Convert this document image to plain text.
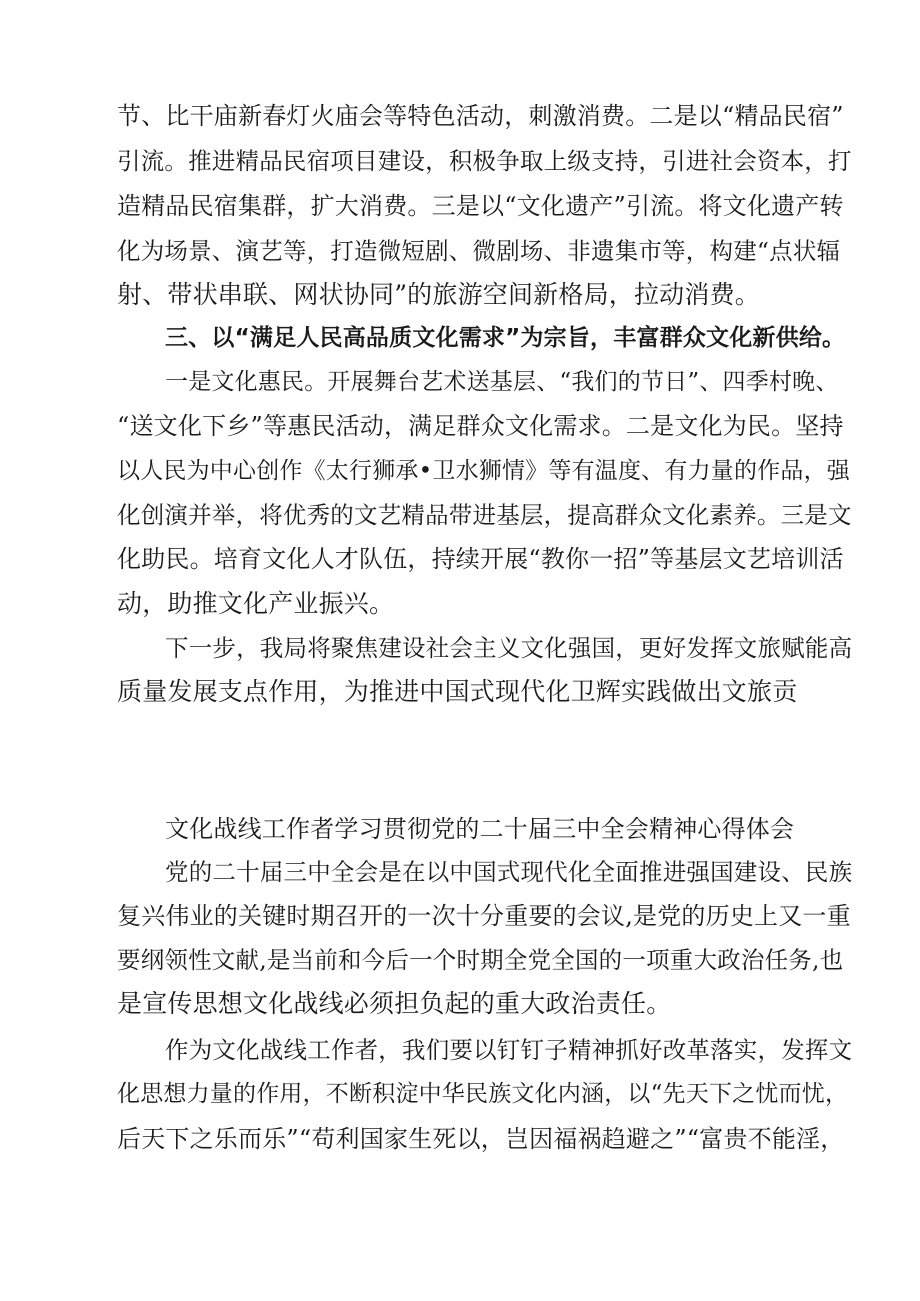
节、比干庙新春灯火庙会等特色活动，刺激消费。二是以“精品民宿”
引流。推进精品民宿项目建设，积极争取上级支持，引进社会资本，打
造精品民宿集群，扩大消费。三是以“文化遗产”引流。将文化遗产转
化为场景、演艺等，打造微短剧、微剧场、非遗集市等，构建“点状辐
射、带状串联、网状协同”的旅游空间新格局，拉动消费。
三、以“满足人民高品质文化需求”为宗旨，丰富群众文化新供给。
一是文化惠民。开展舞台艺术送基层、“我们的节日”、四季村晚、
“送文化下乡”等惠民活动，满足群众文化需求。二是文化为民。坚持
以人民为中心创作《太行狮承•卫水狮情》等有温度、有力量的作品，强
化创演并举，将优秀的文艺精品带进基层，提高群众文化素养。三是文
化助民。培育文化人才队伍，持续开展“教你一招”等基层文艺培训活
动，助推文化产业振兴。
下一步，我局将聚焦建设社会主义文化强国，更好发挥文旅赋能高
质量发展支点作用，为推进中国式现代化卫辉实践做出文旅贡
文化战线工作者学习贯彻党的二十届三中全会精神心得体会
党的二十届三中全会是在以中国式现代化全面推进强国建设、民族
复兴伟业的关键时期召开的一次十分重要的会议,是党的历史上又一重
要纲领性文献,是当前和今后一个时期全党全国的一项重大政治任务,也
是宣传思想文化战线必须担负起的重大政治责任。
作为文化战线工作者，我们要以钉钉子精神抓好改革落实，发挥文
化思想力量的作用，不断积淀中华民族文化内涵，以“先天下之忧而忧，
后天下之乐而乐”“苟利国家生死以，岂因福祸趋避之”“富贵不能淫，
